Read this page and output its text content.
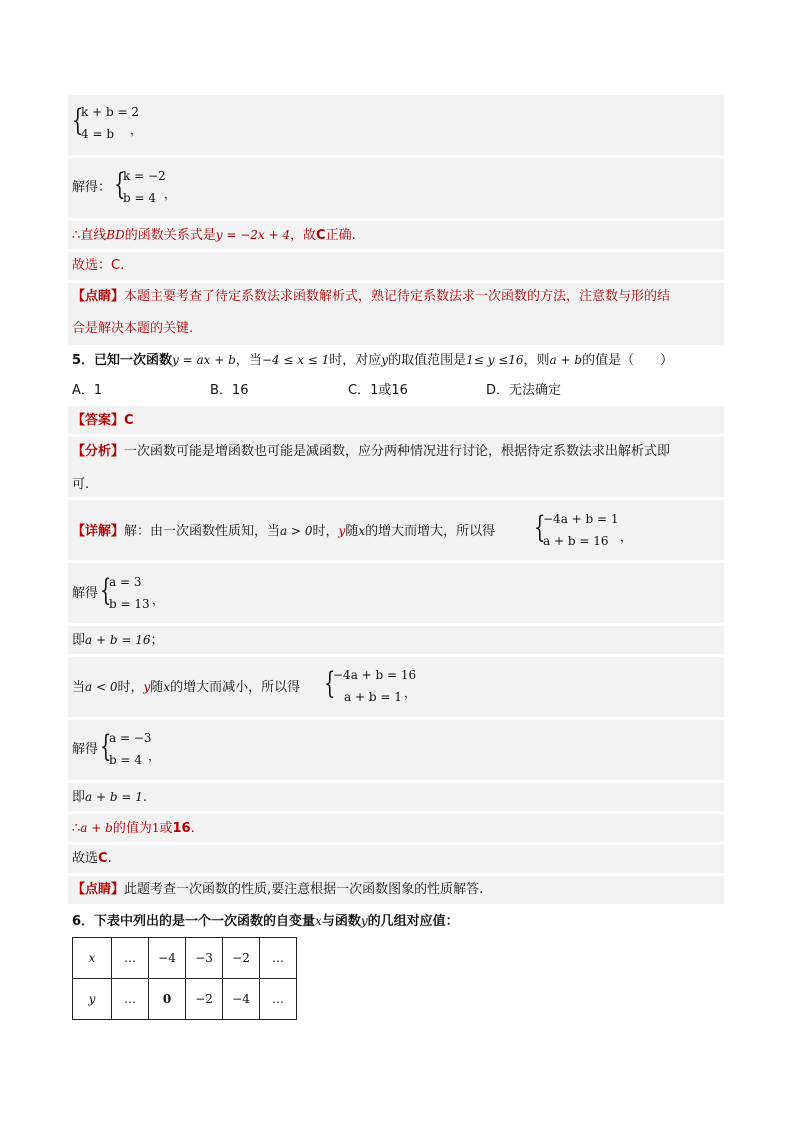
{
k + b = 2
4 = b ，
解得： {
k = −2
b = 4 ，
∴直线BD的函数关系式是y = −2x + 4，故C正确.
故选：C.
【点睛】本题主要考查了待定系数法求函数解析式，熟记待定系数法求一次函数的方法，注意数与形的结
合是解决本题的关键.
5．已知一次函数y = ax + b，当−4 ≤ x ≤ 1时，对应y的取值范围是1≤ y ≤16，则a + b的值是（　　）
A．1	B．16	C．1或16	D．无法确定
【答案】C
【分析】一次函数可能是增函数也可能是减函数，应分两种情况进行讨论，根据待定系数法求出解析式即
可.
【详解】解：由一次函数性质知，当a > 0时，y随x的增大而增大，所以得 {
−4a + b = 1
a + b = 16 ，
解得 {
a = 3
b = 13 ，
即a + b = 16；
当a < 0时，y随x的增大而减小，所以得 {
−4a + b = 16
a + b = 1 ，
解得 {
a = −3
b = 4 ，
即a + b = 1.
∴a + b的值为1或16.
故选C.
【点睛】此题考查一次函数的性质,要注意根据一次函数图象的性质解答.
6．下表中列出的是一个一次函数的自变量x与函数y的几组对应值：
x	…	−4	−3	−2	…
y	…	0	−2	−4	…
